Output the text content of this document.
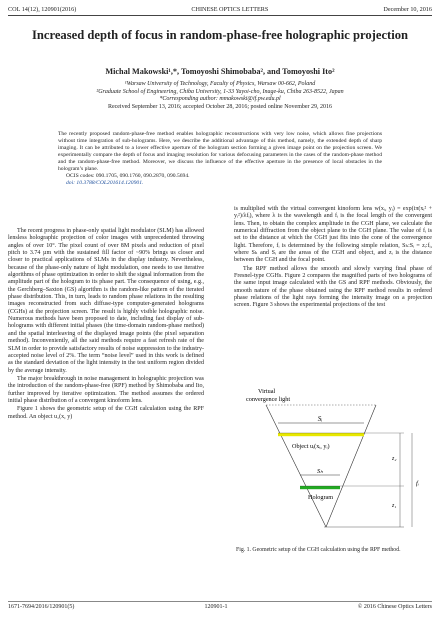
COL 14(12), 120901(2016)	CHINESE OPTICS LETTERS	December 10, 2016
Increased depth of focus in random-phase-free holographic projection
Michal Makowski¹,*, Tomoyoshi Shimobaba², and Tomoyoshi Ito²
¹Warsaw University of Technology, Faculty of Physics, Warsaw 00-662, Poland
²Graduate School of Engineering, Chiba University, 1-33 Yayoi-cho, Inage-ku, Chiba 263-8522, Japan
*Corresponding author: mmakowski@if.pw.edu.pl
Received September 13, 2016; accepted October 28, 2016; posted online November 29, 2016
The recently proposed random-phase-free method enables holographic reconstructions with very low noise, which allows fine projections without time integration of sub-holograms. Here, we describe the additional advantage of this method, namely, the extended depth of sharp imaging. It can be attributed to a lower effective aperture of the hologram section forming a given image point on the projection screen. We experimentally compare the depth of focus and imaging resolution for various defocusing parameters in the cases of the random-phase method and the random-phase-free method. Moreover, we discuss the influence of the effective aperture in the presence of local obstacles in the hologram’s plane.
OCIS codes: 090.1705, 090.1760, 090.2870, 090.5694.
doi: 10.3788/COL201614.120901.

The recent progress in phase-only spatial light modulator (SLM) has allowed lensless holographic projection of color images with unprecedented throwing angles of over 10°. The pixel count of over 8M pixels and reduction of pixel pitch to 3.74 µm with the sustained fill factor of ~90% brings us closer and closer to practical applications of SLMs in the display industry. Nevertheless, because of the phase-only nature of light modulation, one needs to use iterative algorithms of phase optimization in order to shift the signal information from the amplitude part of the hologram to its phase part. The consequence of using, e.g., the Gerchberg–Saxton (GS) algorithm is the random-like pattern of the iterated phase distribution. This, in turn, leads to random phase relations in the resulting images reconstructed from such diffuse-type computer-generated holograms (CGHs) at the projection screen. The result is highly visible holographic noise. Numerous methods have been proposed to date, including fast display of sub-holograms with different initial phases (the time-domain random-phase method) and the spatial interleaving of the displayed image points (the pixel separation method). Inconveniently, all the said methods require a fast refresh rate of the SLM in order to provide satisfactory results of noise suppression to the industry-accepted noise level of 2%. The term “noise level” used in this work is defined as the standard deviation of the light intensity in the test uniform region divided by the average intensity.

The major breakthrough in noise management in holographic projection was the introduction of the random-phase-free (RPF) method by Shimobaba and Ito, further improved by iterative optimization. The method assumes the ordered initial phase distribution of a convergent kinoform lens.

Figure 1 shows the geometric setup of the CGH calculation using the RPF method. An object u₁(x, y)

is multiplied with the virtual convergent kinoform lens w(xᵢ, yᵢ) = exp(iπ(xᵢ² + yᵢ²)/λfᵢ), where λ is the wavelength and fᵢ is the focal length of the convergent lens. Then, to obtain the complex amplitude in the CGH plane, we calculate the numerical diffraction from the object plane to the CGH plane. The value of fᵢ is set to the distance at which the CGH just fits into the cone of the convergence light. Therefore, fᵢ is determined by the following simple relation, Sₕ:Sᵢ = zᵢ:fᵢ, where Sₕ and Sᵢ are the areas of the CGH and object, and zᵢ is the distance between the CGH and the focal point.

The RPF method allows the smooth and slowly varying final phase of Fresnel-type CGHs. Figure 2 compares the magnified parts of two holograms of the same input image calculated with the GS and RPF methods. Obviously, the smooth nature of the phase obtained using the RPF method results in ordered phase relations of the light rays forming the intensity image on a projection screen. Figure 3 shows the experimental projections of the test

Sᵢ
Sₕ
Virtual
convergence light
Object uᵢ(xᵢ, yᵢ)
Hologram
z₂
z₁
fᵢ
Fig. 1. Geometric setup of the CGH calculation using the RPF method.
1671-7694/2016/120901(5)	120901-1	© 2016 Chinese Optics Letters
